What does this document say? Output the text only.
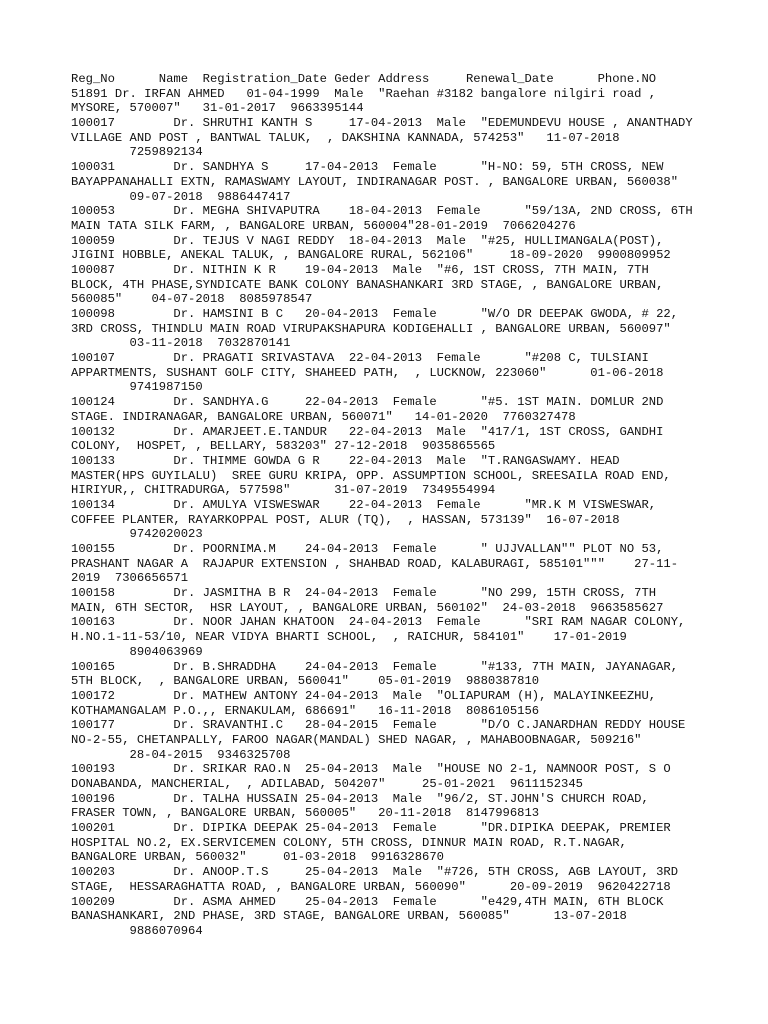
Reg_No      Name  Registration_Date Geder Address     Renewal_Date      Phone.NO
51891 Dr. IRFAN AHMED   01-04-1999  Male  "Raehan #3182 bangalore nilgiri road ,
MYSORE, 570007"   31-01-2017  9663395144
100017        Dr. SHRUTHI KANTH S     17-04-2013  Male  "EDEMUNDEVU HOUSE , ANANTHADY
VILLAGE AND POST , BANTWAL TALUK,  , DAKSHINA KANNADA, 574253"   11-07-2018
7259892134
100031        Dr. SANDHYA S     17-04-2013  Female      "H-NO: 59, 5TH CROSS, NEW
BAYAPPANAHALLI EXTN, RAMASWAMY LAYOUT, INDIRANAGAR POST. , BANGALORE URBAN, 560038"
09-07-2018  9886447417
100053        Dr. MEGHA SHIVAPUTRA    18-04-2013  Female      "59/13A, 2ND CROSS, 6TH
MAIN TATA SILK FARM, , BANGALORE URBAN, 560004"28-01-2019  7066204276
100059        Dr. TEJUS V NAGI REDDY  18-04-2013  Male  "#25, HULLIMANGALA(POST),
JIGINI HOBBLE, ANEKAL TALUK, , BANGALORE RURAL, 562106"     18-09-2020  9900809952
100087        Dr. NITHIN K R    19-04-2013  Male  "#6, 1ST CROSS, 7TH MAIN, 7TH
BLOCK, 4TH PHASE,SYNDICATE BANK COLONY BANASHANKARI 3RD STAGE, , BANGALORE URBAN,
560085"    04-07-2018  8085978547
100098        Dr. HAMSINI B C   20-04-2013  Female      "W/O DR DEEPAK GWODA, # 22,
3RD CROSS, THINDLU MAIN ROAD VIRUPAKSHAPURA KODIGEHALLI , BANGALORE URBAN, 560097"
03-11-2018  7032870141
100107        Dr. PRAGATI SRIVASTAVA  22-04-2013  Female      "#208 C, TULSIANI
APPARTMENTS, SUSHANT GOLF CITY, SHAHEED PATH,  , LUCKNOW, 223060"      01-06-2018
9741987150
100124        Dr. SANDHYA.G     22-04-2013  Female      "#5. 1ST MAIN. DOMLUR 2ND
STAGE. INDIRANAGAR, BANGALORE URBAN, 560071"   14-01-2020  7760327478
100132        Dr. AMARJEET.E.TANDUR   22-04-2013  Male  "417/1, 1ST CROSS, GANDHI
COLONY,  HOSPET, , BELLARY, 583203" 27-12-2018  9035865565
100133        Dr. THIMME GOWDA G R    22-04-2013  Male  "T.RANGASWAMY. HEAD
MASTER(HPS GUYILALU)  SREE GURU KRIPA, OPP. ASSUMPTION SCHOOL, SREESAILA ROAD END,
HIRIYUR,, CHITRADURGA, 577598"      31-07-2019  7349554994
100134        Dr. AMULYA VISWESWAR    22-04-2013  Female      "MR.K M VISWESWAR,
COFFEE PLANTER, RAYARKOPPAL POST, ALUR (TQ),  , HASSAN, 573139"  16-07-2018
9742020023
100155        Dr. POORNIMA.M    24-04-2013  Female      " UJJVALLAN"" PLOT NO 53,
PRASHANT NAGAR A  RAJAPUR EXTENSION , SHAHBAD ROAD, KALABURAGI, 585101"""    27-11-
2019  7306656571
100158        Dr. JASMITHA B R  24-04-2013  Female      "NO 299, 15TH CROSS, 7TH
MAIN, 6TH SECTOR,  HSR LAYOUT, , BANGALORE URBAN, 560102"  24-03-2018  9663585627
100163        Dr. NOOR JAHAN KHATOON  24-04-2013  Female      "SRI RAM NAGAR COLONY,
H.NO.1-11-53/10, NEAR VIDYA BHARTI SCHOOL,  , RAICHUR, 584101"    17-01-2019
8904063969
100165        Dr. B.SHRADDHA    24-04-2013  Female      "#133, 7TH MAIN, JAYANAGAR,
5TH BLOCK,  , BANGALORE URBAN, 560041"    05-01-2019  9880387810
100172        Dr. MATHEW ANTONY 24-04-2013  Male  "OLIAPURAM (H), MALAYINKEEZHU,
KOTHAMANGALAM P.O.,, ERNAKULAM, 686691"   16-11-2018  8086105156
100177        Dr. SRAVANTHI.C   28-04-2015  Female      "D/O C.JANARDHAN REDDY HOUSE
NO-2-55, CHETANPALLY, FAROO NAGAR(MANDAL) SHED NAGAR, , MAHABOOBNAGAR, 509216"
28-04-2015  9346325708
100193        Dr. SRIKAR RAO.N  25-04-2013  Male  "HOUSE NO 2-1, NAMNOOR POST, S O
DONABANDA, MANCHERIAL,  , ADILABAD, 504207"     25-01-2021  9611152345
100196        Dr. TALHA HUSSAIN 25-04-2013  Male  "96/2, ST.JOHN'S CHURCH ROAD,
FRASER TOWN, , BANGALORE URBAN, 560005"   20-11-2018  8147996813
100201        Dr. DIPIKA DEEPAK 25-04-2013  Female      "DR.DIPIKA DEEPAK, PREMIER
HOSPITAL NO.2, EX.SERVICEMEN COLONY, 5TH CROSS, DINNUR MAIN ROAD, R.T.NAGAR,
BANGALORE URBAN, 560032"     01-03-2018  9916328670
100203        Dr. ANOOP.T.S     25-04-2013  Male  "#726, 5TH CROSS, AGB LAYOUT, 3RD
STAGE,  HESSARAGHATTA ROAD, , BANGALORE URBAN, 560090"      20-09-2019  9620422718
100209        Dr. ASMA AHMED    25-04-2013  Female      "e429,4TH MAIN, 6TH BLOCK
BANASHANKARI, 2ND PHASE, 3RD STAGE, BANGALORE URBAN, 560085"      13-07-2018
9886070964
